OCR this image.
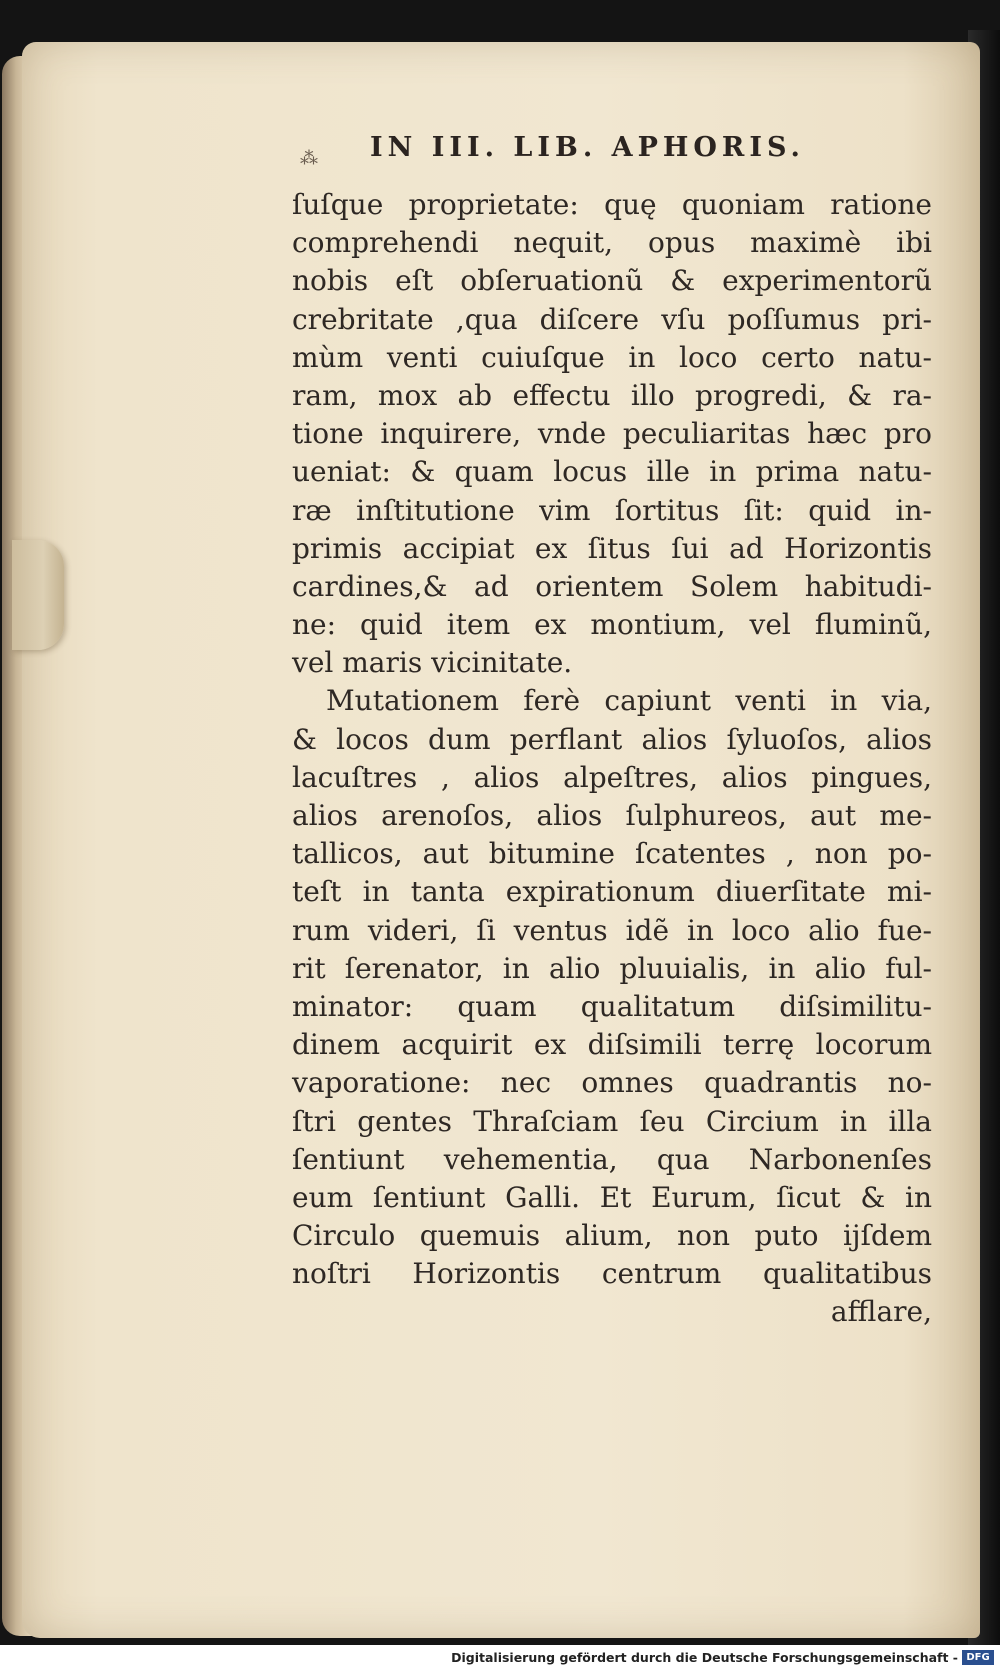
⁂ IN III. LIB. APHORIS.
ſuſque proprietate: quę quoniam ratione
comprehendi nequit, opus maximè ibi
nobis eſt obſeruationũ & experimentorũ
crebritate ,qua diſcere vſu poſſumus pri-
mùm venti cuiuſque in loco certo natu-
ram, mox ab effectu illo progredi, & ra-
tione inquirere, vnde peculiaritas hæc pro
ueniat: & quam locus ille in prima natu-
ræ inſtitutione vim ſortitus ſit: quid in-
primis accipiat ex ſitus ſui ad Horizontis
cardines,& ad orientem Solem habitudi-
ne: quid item ex montium, vel fluminũ,
vel maris vicinitate.
Mutationem ferè capiunt venti in via,
& locos dum perflant alios ſyluoſos, alios
lacuſtres , alios alpeſtres, alios pingues,
alios arenoſos, alios ſulphureos, aut me-
tallicos, aut bitumine ſcatentes , non po-
teſt in tanta expirationum diuerſitate mi-
rum videri, ſi ventus idẽ in loco alio fue-
rit ſerenator, in alio pluuialis, in alio ful-
minator: quam qualitatum diſsimilitu-
dinem acquirit ex diſsimili terrę locorum
vaporatione: nec omnes quadrantis no-
ſtri gentes Thraſciam ſeu Circium in illa
ſentiunt vehementia, qua Narbonenſes
eum ſentiunt Galli. Et Eurum, ſicut & in
Circulo quemuis alium, non puto ijſdem
noſtri Horizontis centrum qualitatibus
afflare,
Digitalisierung gefördert durch die Deutsche Forschungsgemeinschaft - DFG
